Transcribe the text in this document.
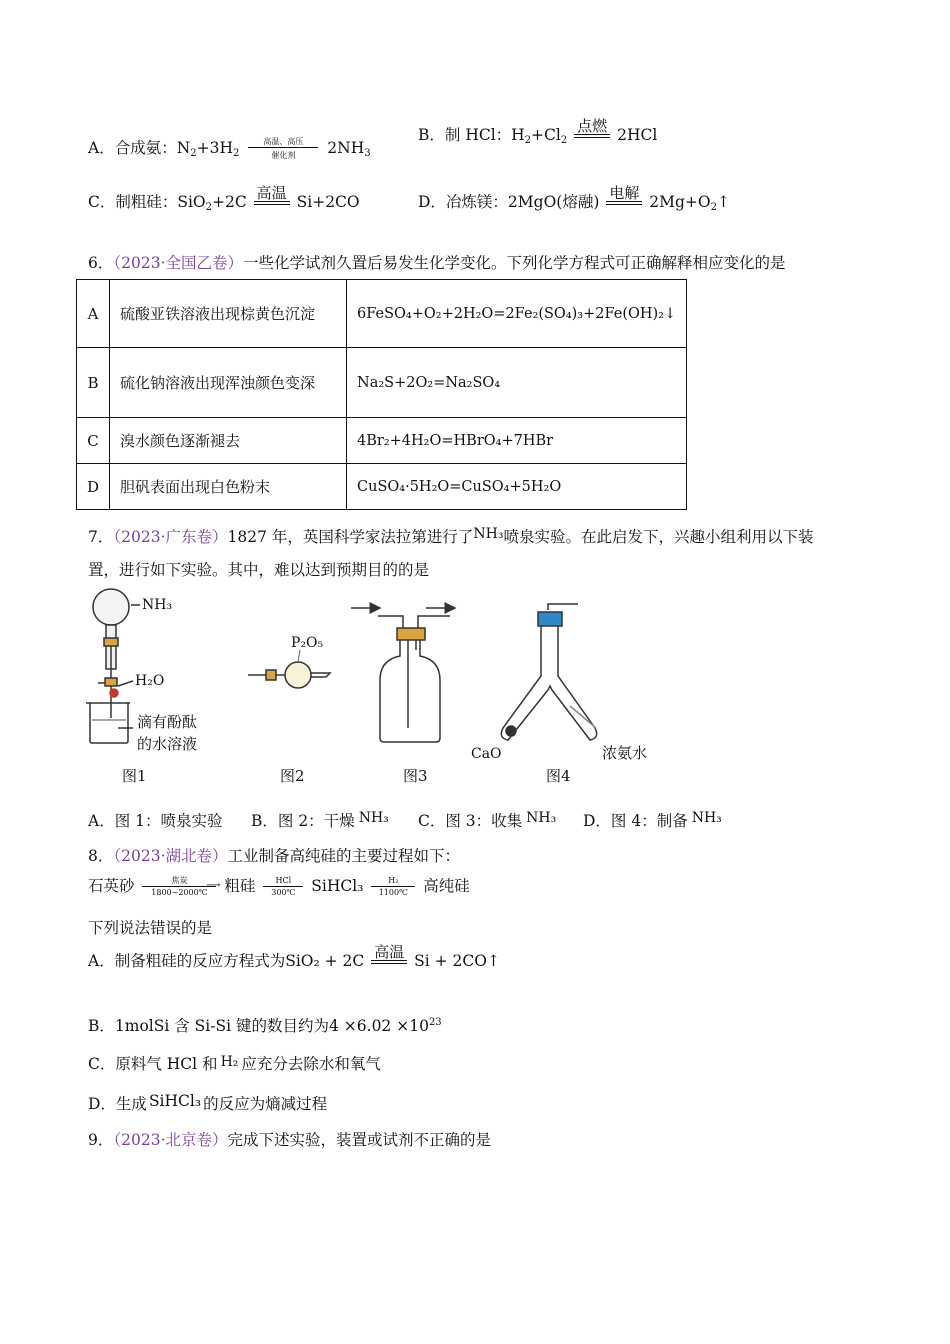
A．合成氨：$N_2+3H_2$
高温、高压
催化剂	$2NH_3$
B．制 HCl：$H_2+Cl_2$
点燃 2HCl
C．制粗硅：SiO$_2$+2C 高温 Si+2CO	D．冶炼镁：2MgO(熔融) 电解 $2Mg+O_2↑$
6．（2023·全国乙卷）一些化学试剂久置后易发生化学变化。下列化学方程式可正确解释相应变化的是
A	硫酸亚铁溶液出现棕黄色沉淀	6FeSO₄+O₂+2H₂O=2Fe₂(SO₄)₃+2Fe(OH)₂↓
B	硫化钠溶液出现浑浊颜色变深	Na₂S+2O₂=Na₂SO₄
C	溴水颜色逐渐褪去	4Br₂+4H₂O=HBrO₄+7HBr
D	胆矾表面出现白色粉末	CuSO₄·5H₂O=CuSO₄+5H₂O
7．（2023·广东卷）1827 年，英国科学家法拉第进行了NH₃喷泉实验。在此启发下，兴趣小组利用以下装
置，进行如下实验。其中，难以达到预期目的的是
NH₃
H₂O
滴有酚酞
的水溶液
P₂O₅
CaO	浓氨水
图1	图2	图3	图4
A．图 1：喷泉实验 B．图 2：干燥 NH₃ C．图 3：收集 NH₃ D．图 4：制备 NH₃
8．（2023·湖北卷）工业制备高纯硅的主要过程如下：
石英砂	焦炭	⟶
1800~2000℃	粗硅	HCl
300℃	SiHCl₃ $\frac{\text{H₂}}{1100℃}$ 高纯硅
下列说法错误的是
A．制备粗硅的反应方程式为SiO₂ + 2C 高温 Si + 2CO↑
B．1molSi 含 Si-Si 键的数目约为$4 \times 6.02 \times 10^{23}$
C．原料气 HCl 和 H₂ 应充分去除水和氧气
D．生成 SiHCl₃ 的反应为熵减过程
9．（2023·北京卷）完成下述实验，装置或试剂不正确的是
